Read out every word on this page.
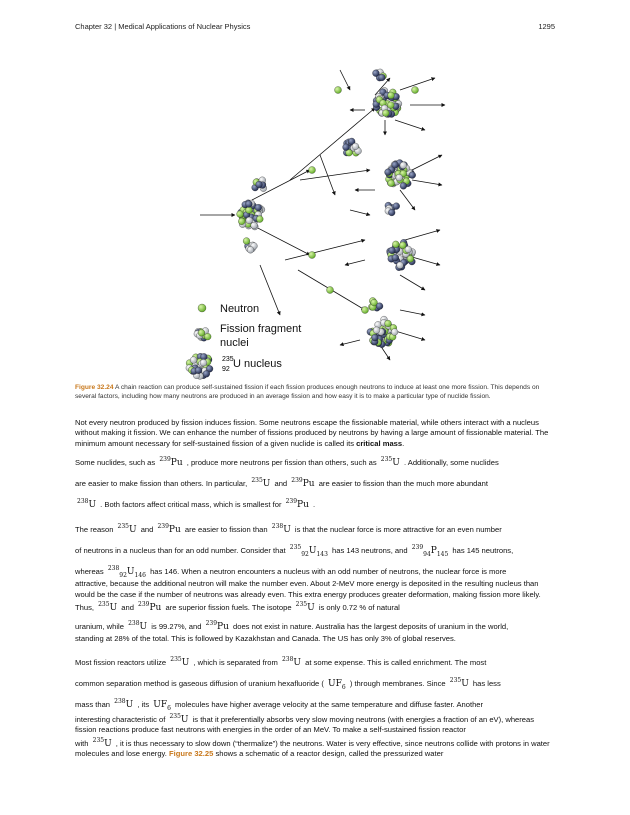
Chapter 32 | Medical Applications of Nuclear Physics	1295
Neutron
Fission fragment
nuclei
235
92 U nucleus
Figure 32.24 A chain reaction can produce self-sustained fission if each fission produces enough neutrons to induce at least one more fission. This depends on several factors, including how many neutrons are produced in an average fission and how easy it is to make a particular type of nuclide fission.

Not every neutron produced by fission induces fission. Some neutrons escape the fissionable material, while others interact with a nucleus without making it fission. We can enhance the number of fissions produced by neutrons by having a large amount of fissionable material. The minimum amount necessary for self-sustained fission of a given nuclide is called its critical mass.
Some nuclides, such as $^{239}$Pu , produce more neutrons per fission than others, such as $^{235}$U . Additionally, some nuclides
are easier to make fission than others. In particular, $^{235}$U and $^{239}$Pu are easier to fission than the much more abundant
$^{238}$U . Both factors affect critical mass, which is smallest for $^{239}$Pu .

The reason $^{235}$U and $^{239}$Pu are easier to fission than $^{238}$U is that the nuclear force is more attractive for an even number
of neutrons in a nucleus than for an odd number. Consider that $^{235}_{92}U_{143}$ has 143 neutrons, and $^{239}_{94}P_{145}$ has 145 neutrons,
whereas $^{238}_{92}U_{146}$ has 146. When a neutron encounters a nucleus with an odd number of neutrons, the nuclear force is more
attractive, because the additional neutron will make the number even. About 2-MeV more energy is deposited in the resulting nucleus than would be the case if the number of neutrons was already even. This extra energy produces greater deformation, making fission more likely. Thus, $^{235}$U and $^{239}$Pu are superior fission fuels. The isotope $^{235}$U is only 0.72 % of natural
uranium, while $^{238}$U is 99.27%, and $^{239}$Pu does not exist in nature. Australia has the largest deposits of uranium in the world,
standing at 28% of the total. This is followed by Kazakhstan and Canada. The US has only 3% of global reserves.

Most fission reactors utilize $^{235}$U , which is separated from $^{238}$U at some expense. This is called enrichment. The most
common separation method is gaseous diffusion of uranium hexafluoride ( $UF_6$ ) through membranes. Since $^{235}$U has less
mass than $^{238}$U , its $UF_6$ molecules have higher average velocity at the same temperature and diffuse faster. Another
interesting characteristic of $^{235}$U is that it preferentially absorbs very slow moving neutrons (with energies a fraction of an eV), whereas fission reactions produce fast neutrons with energies in the order of an MeV. To make a self-sustained fission reactor
with $^{235}$U , it is thus necessary to slow down (“thermalize”) the neutrons. Water is very effective, since neutrons collide with protons in water molecules and lose energy. Figure 32.25 shows a schematic of a reactor design, called the pressurized water
